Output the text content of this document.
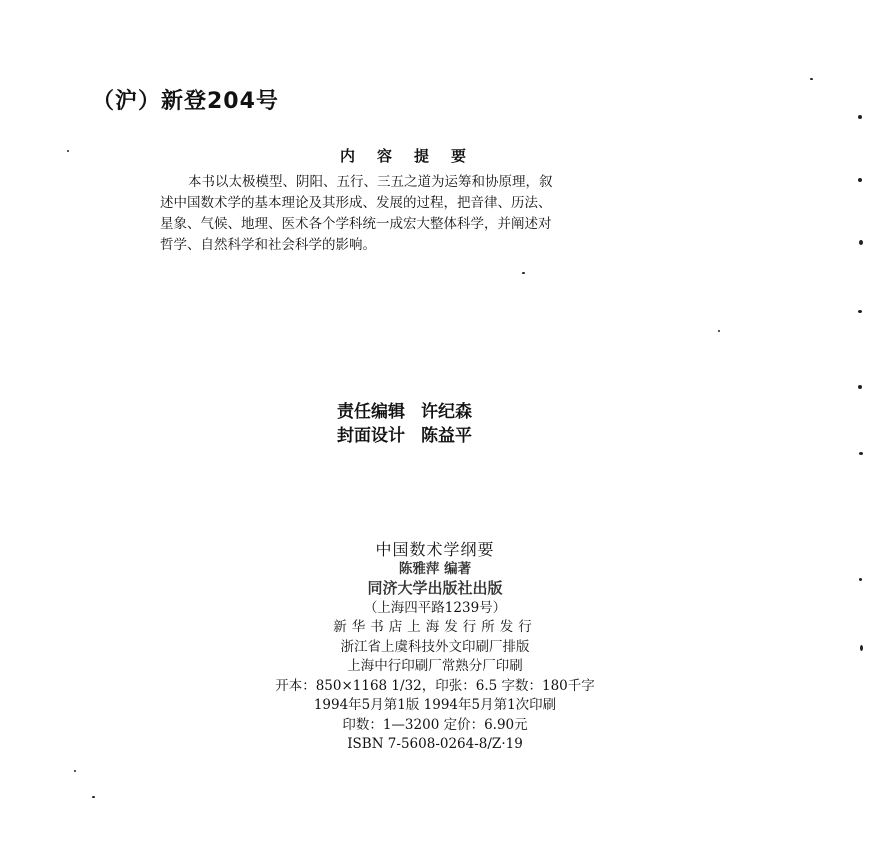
（沪）新登204号
内容提要

本书以太极模型、阴阳、五行、三五之道为运筹和协原理，叙

述中国数术学的基本理论及其形成、发展的过程，把音律、历法、

星象、气候、地理、医术各个学科统一成宏大整体科学，并阐述对

哲学、自然科学和社会科学的影响。

责任编辑 许纪森
封面设计 陈益平
中国数术学纲要
陈雅萍 编著
同济大学出版社出版
（上海四平路1239号）
新华书店上海发行所发行
浙江省上虞科技外文印刷厂排版
上海中行印刷厂常熟分厂印刷
开本：850×1168 1/32，印张：6.5 字数：180千字
1994年5月第1版 1994年5月第1次印刷
印数：1—3200 定价：6.90元
ISBN 7-5608-0264-8/Z·19
